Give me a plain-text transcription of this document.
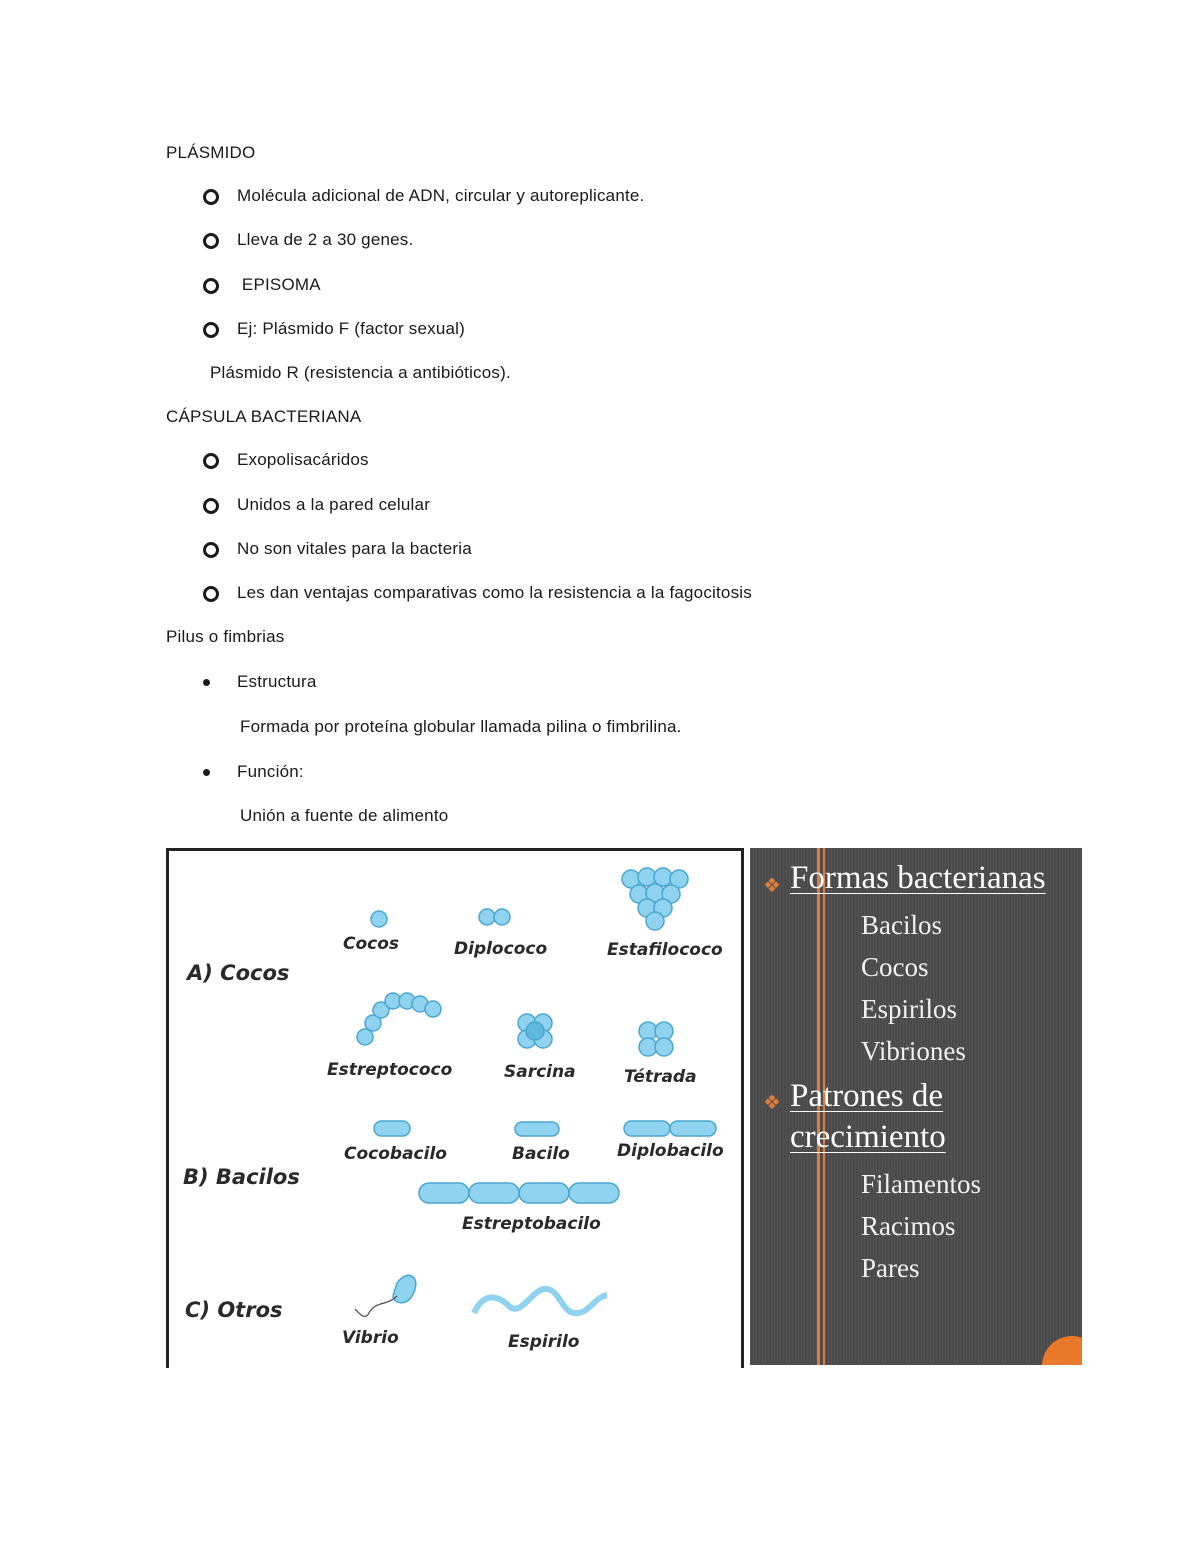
PLÁSMIDO
Molécula adicional de ADN, circular y autoreplicante.
Lleva de 2 a 30 genes.
EPISOMA
Ej: Plásmido F (factor sexual)
Plásmido R (resistencia a antibióticos).
CÁPSULA BACTERIANA
Exopolisacáridos
Unidos a la pared celular
No son vitales para la bacteria
Les dan ventajas comparativas como la resistencia a la fagocitosis
Pilus o fimbrias
Estructura
Formada por proteína globular llamada pilina o fimbrilina.
Función:
Unión a fuente de alimento
A) Cocos
B) Bacilos
C) Otros
Cocos	Diplococo	Estafilococo
Estreptococo	Sarcina	Tétrada
Cocobacilo	Bacilo	Diplobacilo
Estreptobacilo
Vibrio	Espirilo
❖ Formas bacterianas
Bacilos
Cocos
Espirilos
Vibriones
❖ Patrones de
crecimiento
Filamentos
Racimos
Pares
